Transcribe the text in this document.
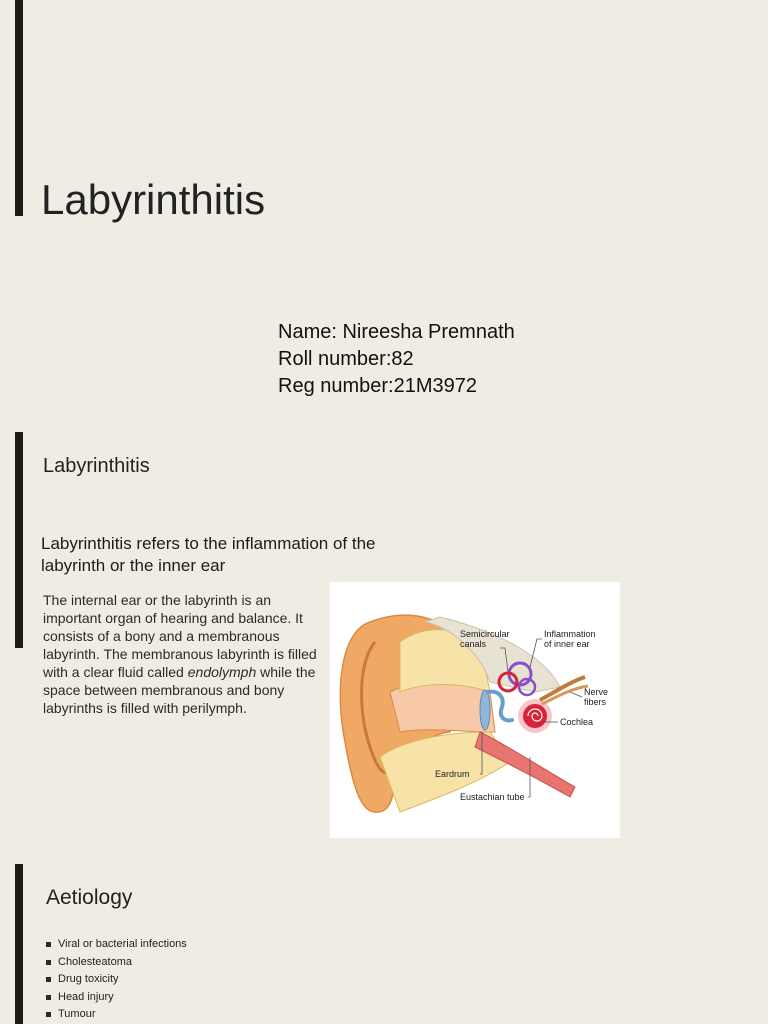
Labyrinthitis
Name: Nireesha Premnath
Roll number:82
Reg number:21M3972
Labyrinthitis
Labyrinthitis refers to the inflammation of the labyrinth or the inner ear
The internal ear or the labyrinth is an important organ of hearing and balance. It consists of a bony and a membranous labyrinth. The membranous labyrinth is filled with a clear fluid called endolymph while the space between membranous and bony labyrinths is filled with perilymph.
Semicircular
canals
Inflammation
of inner ear
Nerve
fibers
Cochlea
Eardrum
Eustachian tube
Aetiology
Viral or bacterial infections
Cholesteatoma
Drug toxicity
Head injury
Tumour
